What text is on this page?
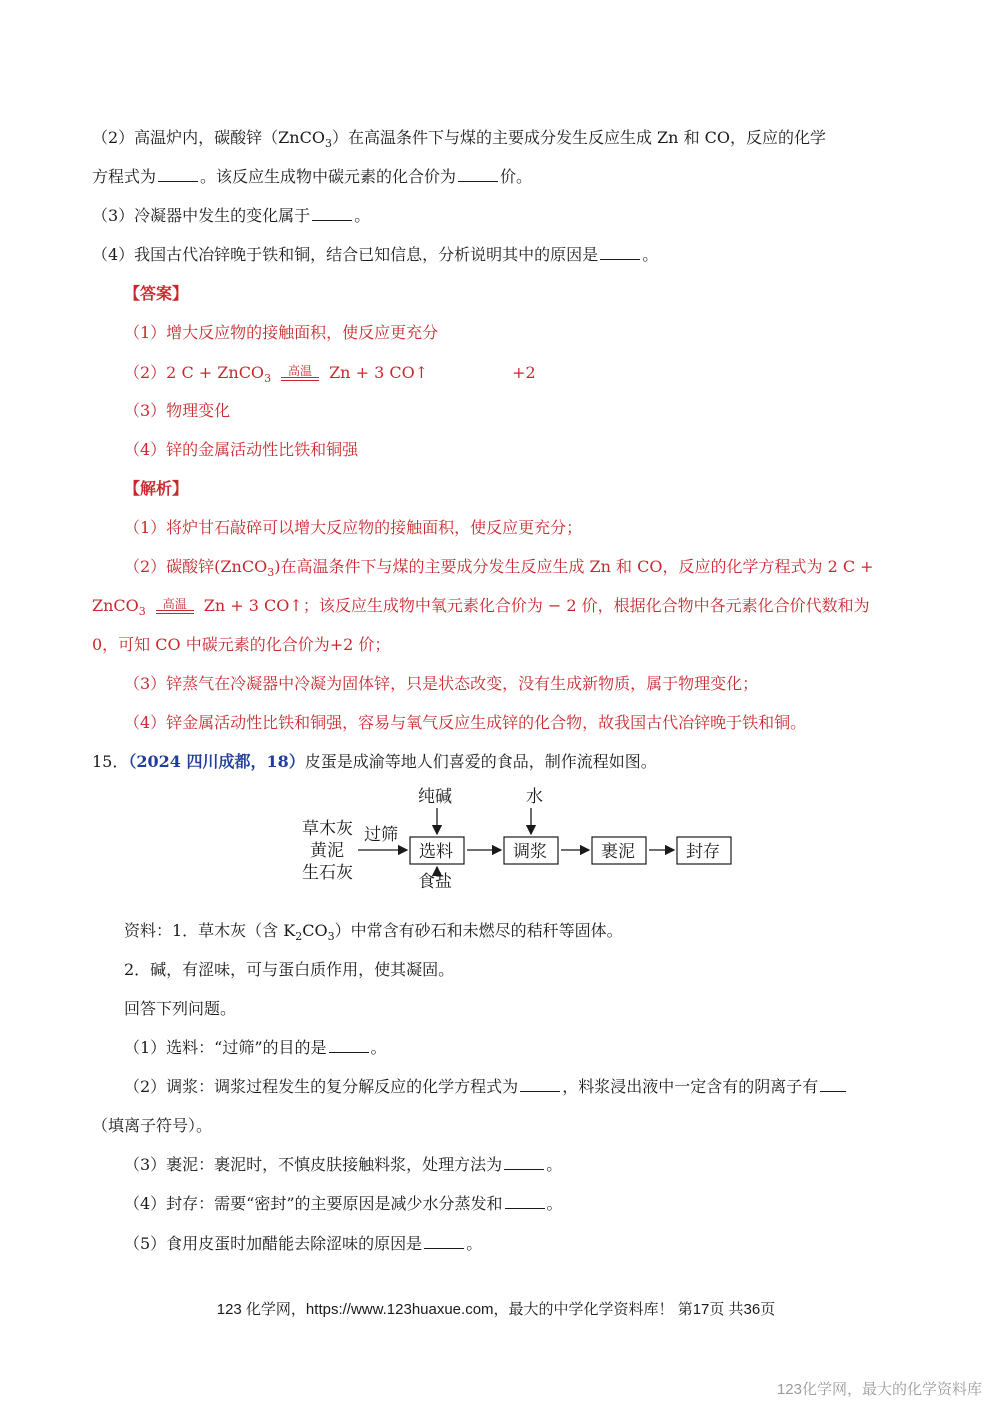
（2）高温炉内，碳酸锌（ZnCO$_3$）在高温条件下与煤的主要成分发生反应生成 Zn 和 CO，反应的化学
方程式为	。该反应生成物中碳元素的化合价为	价。
（3）冷凝器中发生的变化属于	。
（4）我国古代冶锌晚于铁和铜，结合已知信息，分析说明其中的原因是	。
【答案】
（1）增大反应物的接触面积，使反应更充分
（2）2 C + ZnCO$_3$
高温	Zn + 3 CO↑	+2
（3）物理变化
（4）锌的金属活动性比铁和铜强
【解析】
（1）将炉甘石敲碎可以增大反应物的接触面积，使反应更充分；
（2）碳酸锌(ZnCO$_3$)在高温条件下与煤的主要成分发生反应生成 Zn 和 CO，反应的化学方程式为 2 C +
ZnCO$_3$
高温	Zn + 3 CO↑；该反应生成物中氧元素化合价为 − 2 价，根据化合物中各元素化合价代数和为
0，可知 CO 中碳元素的化合价为+2 价；
（3）锌蒸气在冷凝器中冷凝为固体锌，只是状态改变，没有生成新物质，属于物理变化；
（4）锌金属活动性比铁和铜强，容易与氧气反应生成锌的化合物，故我国古代冶锌晚于铁和铜。
15．（2024 四川成都，18）皮蛋是成渝等地人们喜爱的食品，制作流程如图。
草木灰
黄泥
生石灰
过筛
选料
纯碱
食盐
调浆
水
裹泥	封存
资料：1．草木灰（含 $K_2CO_3$）中常含有砂石和未燃尽的秸秆等固体。
2．碱，有涩味，可与蛋白质作用，使其凝固。
回答下列问题。
（1）选料：“过筛”的目的是	。
（2）调浆：调浆过程发生的复分解反应的化学方程式为	，料浆浸出液中一定含有的阴离子有
（填离子符号）。
（3）裹泥：裹泥时，不慎皮肤接触料浆，处理方法为	。
（4）封存：需要“密封”的主要原因是减少水分蒸发和	。
（5）食用皮蛋时加醋能去除涩味的原因是	。
123 化学网，https://www.123huaxue.com，最大的中学化学资料库！ 第17页 共36页
123化学网，最大的化学资料库
